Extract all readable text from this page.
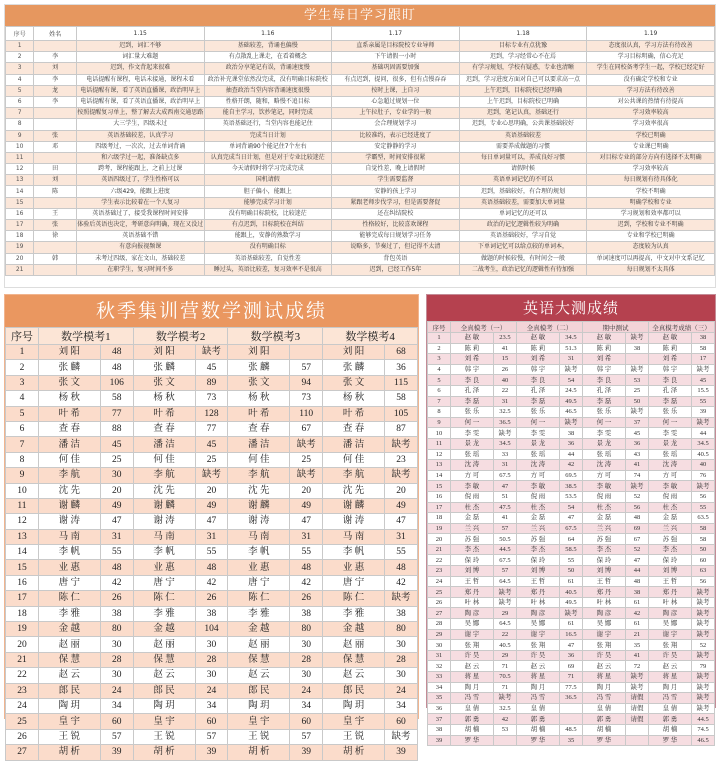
学生每日学习跟盯
序号	姓名	1.15	1.16	1.17	1.18	1.19
1		迟到，词汇不够	基础较差，背诵也偏慢	直系亲属是目标院校专业导师	目标专业有点犹豫	态度很认真，学习方法有待改善
2	李	词汇量大难题	有点散乱上课走，在看着概念	下午请假一小时	迟到，学习经常心不在焉	学习目标明确，信心充足
3	刘	迟到，作文背起来很难	政治分享笔记有误，背诵速度慢	基础巩固需要加强	有学习规划，学校有疑惑，专业也清晰	学生在同校备考学生一起，学校已经定好
4	李	电话提醒有课程，电话未接通，课程未看	政治补充课堂依然没完成，没有明确目标院校	有点迟到，提问，很多，但有点慢吞吞	迟到，学习进度方面对自己可以要求高一点	没有确定学校和专业
5	龙	电话提醒有课，看了英语直播课，政治明早上	抽查政治当堂内容背诵速度很慢	按时上课，上自习	上午迟到，目标院校已经明确	学习方法有待改善
6	李	电话提醒有课，看了英语直播课，政治明早上	性格开朗，随和，略慢不追目标	心急超过规划一位	上午迟到，目标院校已明确	对公共课的热情有待提高
7		按照提醒复习单上，整了解去大成西南交通思路	能自主学习，饮抄笔记，同时完成	上午拉肚子，专业学的一般	迟到，笔记认真，基础还行	学习效率较高
8		大三学生，四级未过	英语基础还行，当堂内容也能记住	会合理规划学习	迟到，专业心思明确，公共课基础较好	学习效率很高
9	张	英语基础较差，认真学习	完成当日计划	比较准约，表示已经进度了	英语基础较差	学校已明确
10	邓	四级考过，一次次，过去单词背诵	单词背诵90个能记住7个左右	安定静静的学习	需要养成做题的习惯	专业课已明确
11		和六级学过一起，准备缺点多	认真完成当日计划，但是对于专业比较迷茫	学霸型，时间安排很紧	每日单词量可以，养成良好习惯	对目标专业的部分方向有选择不太明确
12	田	跨考，课程能跟上，之前上过课	今天请假时将学习完成完成	自觉性差，晚上请假时	请假时候	学习效率较高
13	刘	英语四级过了，学生性格可以	国机请假	学生需要监督	英语单词记忆的不可以	每日规划有待具体化
14	陈	六级429，能跟上进度	胆子偏小，能跟上	安静的孩上学习	迟到，基础较好，有合理的规划	学校不明确
15		学生表示比较着在一个人复习	能够完成学习计划	紧跟老师步伐学习，但是需要督促	英语基础较差，需要加大单词量	明确学校和专业
16	王	英语基础过了，接受我课程时间安排	没有明确目标院校，比较迷茫	还在纠结院校	单词记忆的还可以	学习规划和效率都可以
17	张	体验后英语也决定，考研意向明确，现在又没过	有点迟到，目标院校在纠结	性格较好，比较喜欢课程	政治的记忆逻辑性较为明确	迟到，学校和专业不明确
18	徐	英语基础不错	能跟上，安静的熟数学习	能够完成每日规划学习任务	英语基础较好，学习自觉	专业和学校已明确
19		有意向报视频课	没有明确目标	说略多，节奏过了，但记得不太清	下单词记忆可以给点较的单词本，	态度较为认真
20	韩	未考过四级，家在文山，基础较差	英语基础较差，自觉性差	背包英语	做题的时候较慢，有时间会一般	单词速度可以再提高，中文对中文系记忆
21		在职学生，复习时间不多	睡过头，英语比较差，复习效率不是很高	迟到，已经工作5年	二战考生，政治记忆的逻辑性有待加强	每日规划不太具体
秋季集训营数学测试成绩
序号	数学模考1		数学模考2		数学模考3		数学模考4	
1	刘 阳	48	刘 阳	缺考	刘 阳		刘 阳	68
2	张 麟	48	张 麟	45	张 麟	57	张 麟	36
3	张 文	106	张 文	89	张 文	94	张 文	115
4	杨 秋	58	杨 秋	73	杨 秋	73	杨 秋	58
5	叶 希	77	叶 希	128	叶 希	110	叶 希	105
6	查 春	88	查 春	77	查 春	67	查 春	87
7	潘 洁	45	潘 洁	45	潘 洁	缺考	潘 洁	缺考
8	何 佳	25	何 佳	25	何 佳	25	何 佳	23
9	李 航	30	李 航	缺考	李 航	缺考	李 航	缺考
10	沈 先	20	沈 先	20	沈 先	20	沈 先	20
11	谢 麟	49	谢 麟	49	谢 麟	49	谢 麟	49
12	谢 涛	47	谢 涛	47	谢 涛	47	谢 涛	47
13	马 南	31	马 南	31	马 南	31	马 南	31
14	李 帆	55	李 帆	55	李 帆	55	李 帆	55
15	业 惠	48	业 惠	48	业 惠	48	业 惠	48
16	唐 宁	42	唐 宁	42	唐 宁	42	唐 宁	42
17	陈 仁	26	陈 仁	26	陈 仁	26	陈 仁	缺考
18	李 雅	38	李 雅	38	李 雅	38	李 雅	38
19	金 越	80	金 越	104	金 越	80	金 越	80
20	赵 丽	30	赵 丽	30	赵 丽	30	赵 丽	30
21	保 慧	28	保 慧	28	保 慧	28	保 慧	28
22	赵 云	30	赵 云	30	赵 云	30	赵 云	30
23	郎 民	24	郎 民	24	郎 民	24	郎 民	24
24	陶 玥	34	陶 玥	34	陶 玥	34	陶 玥	34
25	皇 宇	60	皇 宇	60	皇 宇	60	皇 宇	60
26	王 锐	57	王 锐	57	王 锐	57	王 锐	缺考
27	胡 析	39	胡 析	39	胡 析	39	胡 析	39
英语大测成绩
序号	全真模考（一）		全真模考（二）		期中测试		全真模考成绩（三）	
1	赵 敏	23.5	赵 敏	34.5	赵 敏	缺考	赵 敏	38
2	陈 莉	41	陈 莉	51.3	陈 莉	38	陈 莉	58
3	刘 希	15	刘 希	31	刘 希		刘 希	17
4	韩 宇	26	韩 宇	缺考	韩 宇	缺考	韩 宇	缺考
5	李 良	40	李 良	54	李 良	53	李 良	45
6	孔 泽	22	孔 泽	24.5	孔 泽	25	孔 泽	15.5
7	李 磊	31	李 磊	49.5	李 磊	50	李 磊	55
8	张 乐	32.5	张 乐	46.5	张 乐	缺考	张 乐	39
9	何 一	36.5	何 一	缺考	何 一	37	何 一	缺考
10	李 雯	缺考	李 雯	38	李 雯	45	李 雯	44
11	景 龙	34.5	景 龙	36	景 龙	36	景 龙	34.5
12	张 瑶	33	张 瑶	44	张 瑶	43	张 瑶	40.5
13	沈 涛	31	沈 涛	42	沈 涛	41	沈 涛	40
14	方 可	67.5	方 可	69.5	方 可	74	方 可	76
15	李 敏	47	李 敏	38.5	李 敏	缺考	李 敏	缺考
16	倪 雨	51	倪 雨	53.5	倪 雨	52	倪 雨	56
17	杜 杰	47.5	杜 杰	54	杜 杰	56	杜 杰	55
18	金 磊	41	金 磊	47	金 磊	48	金 磊	63.5
19	兰 兴	57	兰 兴	67.5	兰 兴	69	兰 兴	58
20	苏 强	50.5	苏 强	64	苏 强	67	苏 强	58
21	李 杰	44.5	李 杰	58.5	李 杰	52	李 杰	50
22	保 玲	67.5	保 玲	55	保 玲	47	保 玲	60
23	刘 博	57	刘 博	50	刘 博	44	刘 博	63
24	王 哲	64.5	王 哲	61	王 哲	48	王 哲	56
25	郑 丹	缺考	郑 丹	40.5	郑 丹	38	郑 丹	缺考
26	叶 林	缺考	叶 林	49.5	叶 林	61	叶 林	缺考
27	陶 彦	29	陶 彦	缺考	陶 彦	42	陶 彦	缺考
28	吴 娜	64.5	吴 娜	61	吴 娜	61	吴 娜	缺考
29	谢 宇	22	谢 宇	16.5	谢 宇	21	谢 宇	缺考
30	张 翔	40.5	张 翔	47	张 翔	35	张 翔	52
31	许 昊	29	许 昊	36	许 昊	41	许 昊	缺考
32	赵 云	71	赵 云	69	赵 云	72	赵 云	79
33	蒋 星	70.5	蒋 星	71	蒋 星	缺考	蒋 星	缺考
34	陶 月	71	陶 月	77.5	陶 月	缺考	陶 月	缺考
35	冯 雪	缺考	冯 雪	36.5	冯 雪	请假	冯 雪	缺考
36	皇 倩	32.5	皇 倩		皇 倩	请假	皇 倩	缺考
37	郭 勇	42	郭 勇		郭 勇	请假	郭 勇	44.5
38	胡 楠	53	胡 楠	48.5	胡 楠		胡 楠	74.5
39	罗 华		罗 华	35	罗 华		罗 华	46.5
